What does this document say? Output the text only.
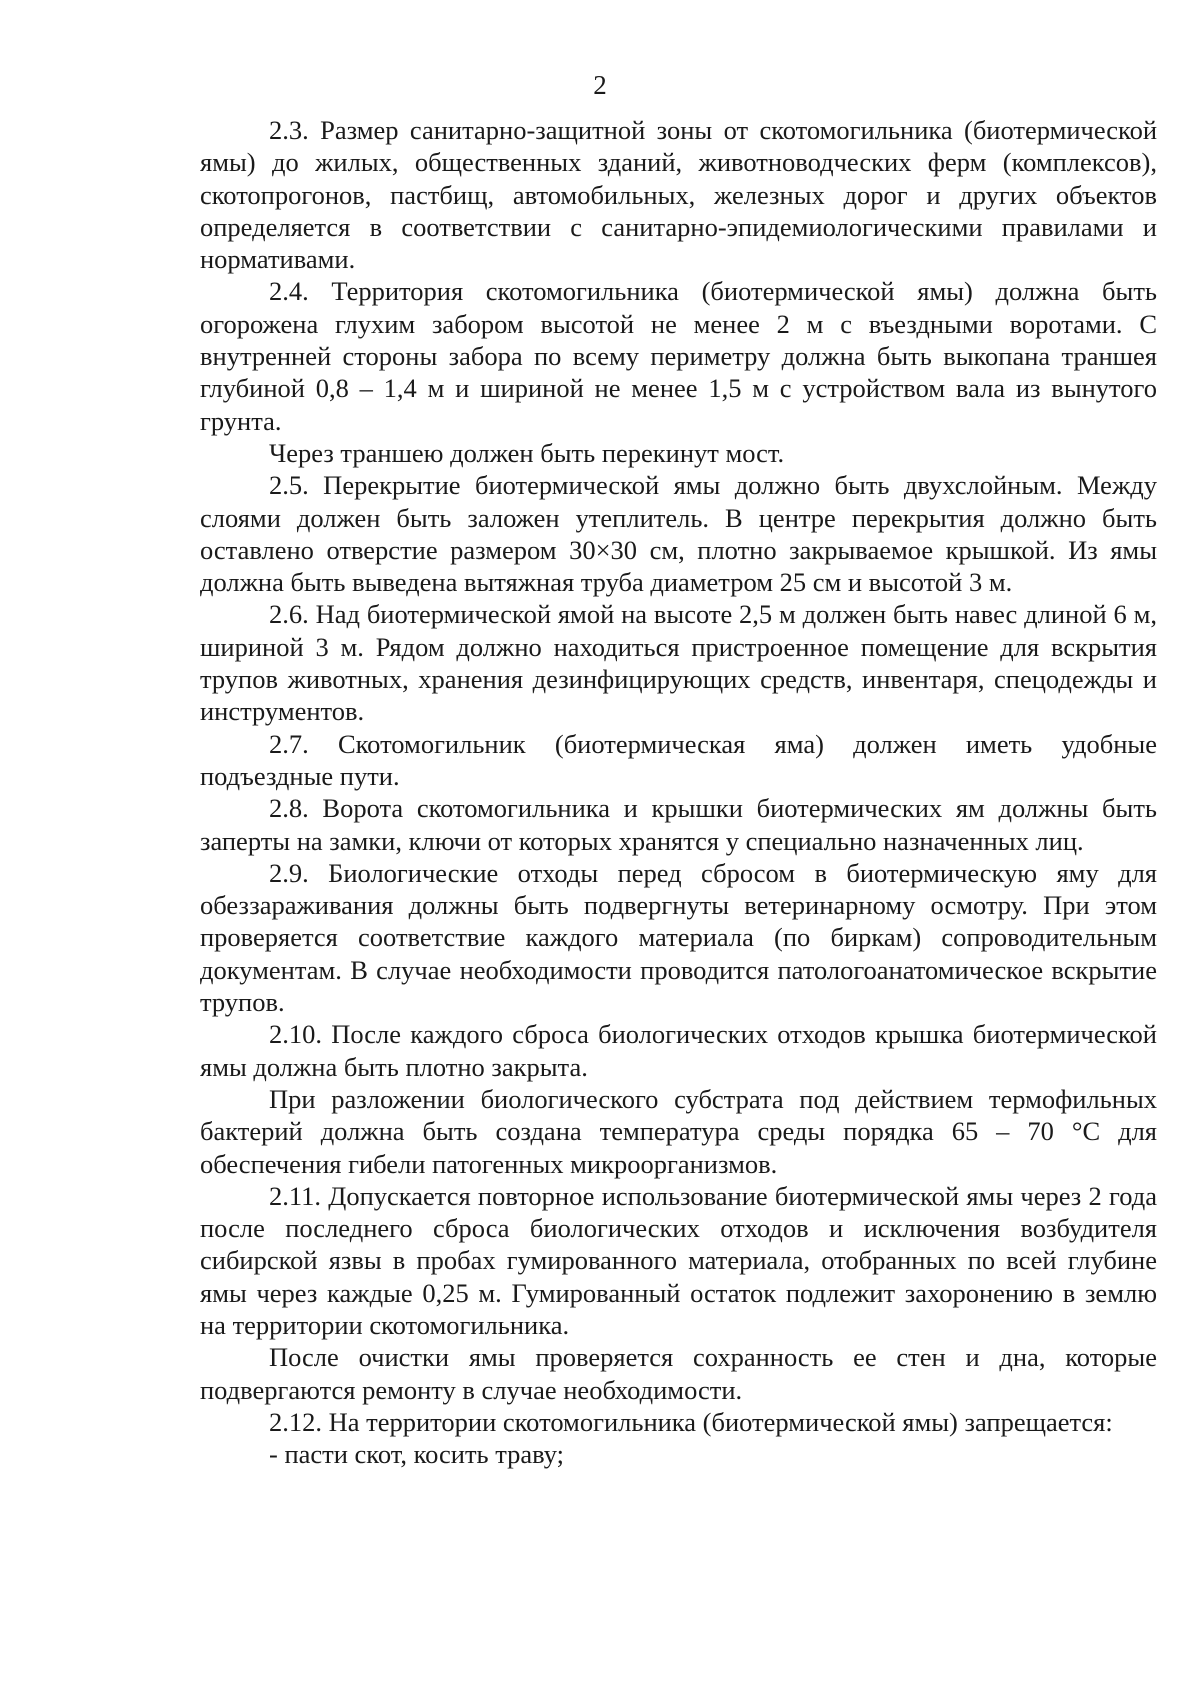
2

2.3. Размер санитарно-защитной зоны от скотомогильника (биотермической ямы) до жилых, общественных зданий, животноводческих ферм (комплексов), скотопрогонов, пастбищ, автомобильных, железных дорог и других объектов определяется в соответствии с санитарно-эпидемиологическими правилами и нормативами.

2.4. Территория скотомогильника (биотермической ямы) должна быть огорожена глухим забором высотой не менее 2 м с въездными воротами. С внутренней стороны забора по всему периметру должна быть выкопана траншея глубиной 0,8 – 1,4 м и шириной не менее 1,5 м с устройством вала из вынутого грунта.

Через траншею должен быть перекинут мост.

2.5. Перекрытие биотермической ямы должно быть двухслойным. Между слоями должен быть заложен утеплитель. В центре перекрытия должно быть оставлено отверстие размером 30×30 см, плотно закрываемое крышкой. Из ямы должна быть выведена вытяжная труба диаметром 25 см и высотой 3 м.

2.6. Над биотермической ямой на высоте 2,5 м должен быть навес длиной 6 м, шириной 3 м. Рядом должно находиться пристроенное помещение для вскрытия трупов животных, хранения дезинфицирующих средств, инвентаря, спецодежды и инструментов.

2.7. Скотомогильник (биотермическая яма) должен иметь удобные подъездные пути.

2.8. Ворота скотомогильника и крышки биотермических ям должны быть заперты на замки, ключи от которых хранятся у специально назначенных лиц.

2.9. Биологические отходы перед сбросом в биотермическую яму для обеззараживания должны быть подвергнуты ветеринарному осмотру. При этом проверяется соответствие каждого материала (по биркам) сопроводительным документам. В случае необходимости проводится патологоанатомическое вскрытие трупов.

2.10. После каждого сброса биологических отходов крышка биотермической ямы должна быть плотно закрыта.

При разложении биологического субстрата под действием термофильных бактерий должна быть создана температура среды порядка 65 – 70 °С для обеспечения гибели патогенных микроорганизмов.

2.11. Допускается повторное использование биотермической ямы через 2 года после последнего сброса биологических отходов и исключения возбудителя сибирской язвы в пробах гумированного материала, отобранных по всей глубине ямы через каждые 0,25 м. Гумированный остаток подлежит захоронению в землю на территории скотомогильника.

После очистки ямы проверяется сохранность ее стен и дна, которые подвергаются ремонту в случае необходимости.

2.12. На территории скотомогильника (биотермической ямы) запрещается:

- пасти скот, косить траву;
